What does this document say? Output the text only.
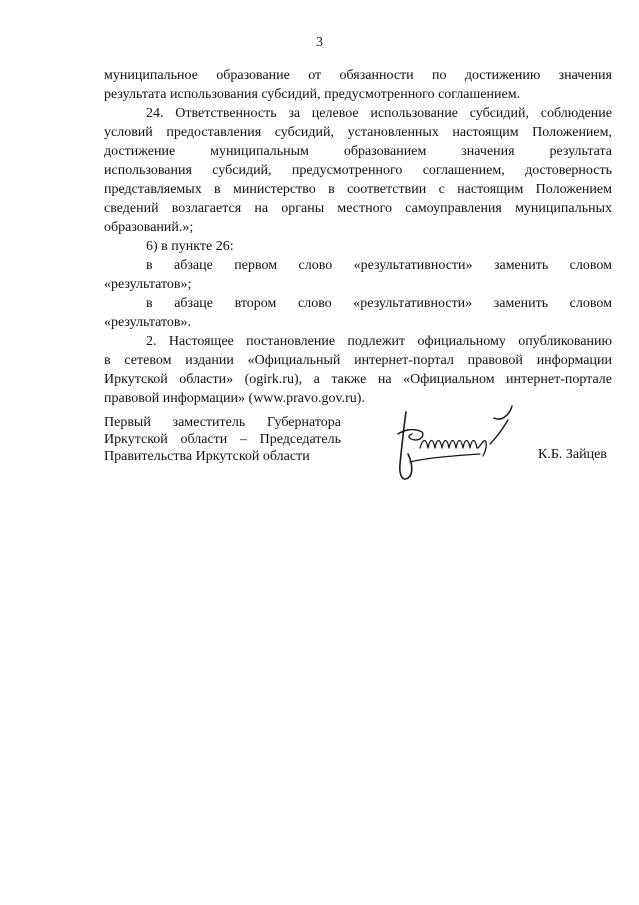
3
муниципальное образование от обязанности по достижению значения
результата использования субсидий, предусмотренного соглашением.
24. Ответственность за целевое использование субсидий, соблюдение
условий предоставления субсидий, установленных настоящим Положением,
достижение муниципальным образованием значения результата
использования субсидий, предусмотренного соглашением, достоверность
представляемых в министерство в соответствии с настоящим Положением
сведений возлагается на органы местного самоуправления муниципальных
образований.»;
6) в пункте 26:
в абзаце первом слово «результативности» заменить словом
«результатов»;
в абзаце втором слово «результативности» заменить словом
«результатов».
2. Настоящее постановление подлежит официальному опубликованию
в сетевом издании «Официальный интернет-портал правовой информации
Иркутской области» (ogirk.ru), а также на «Официальном интернет-портале
правовой информации» (www.pravo.gov.ru).
Первый заместитель Губернатора
Иркутской области – Председатель
Правительства Иркутской области	К.Б. Зайцев
